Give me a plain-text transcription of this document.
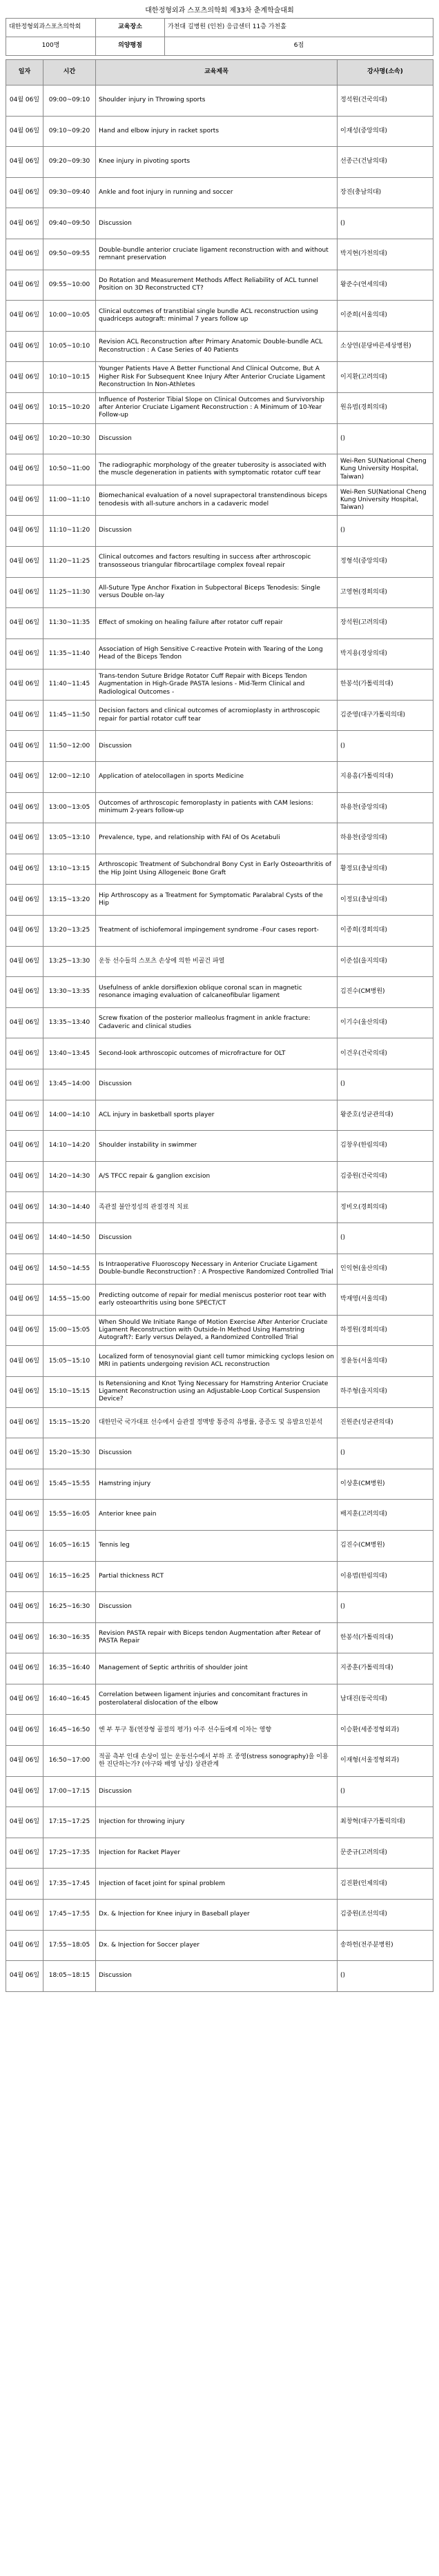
대한정형외과 스포츠의학회 제33차 춘계학술대회
대한정형외과스포츠의학회	교육장소	가천대 길병원 (인천) 응급센터 11층 가천홀
100명	의양평점	6점
일자	시간	교육제목	강사명(소속)
04월 06일	09:00~09:10	Shoulder injury in Throwing sports	정석원(건국의대)
04월 06일	09:10~09:20	Hand and elbow injury in racket sports	이재성(중앙의대)
04월 06일	09:20~09:30	Knee injury in pivoting sports	선종근(건남의대)
04월 06일	09:30~09:40	Ankle and foot injury in running and soccer	장진(충남의대)
04월 06일	09:40~09:50	Discussion	()
04월 06일	09:50~09:55	Double-bundle anterior cruciate ligament reconstruction with and without remnant preservation	박지현(가천의대)
04월 06일	09:55~10:00	Do Rotation and Measurement Methods Affect Reliability of ACL tunnel Position on 3D Reconstructed CT?	왕준수(연세의대)
04월 06일	10:00~10:05	Clinical outcomes of transtibial single bundle ACL reconstruction using quadriceps autograft: minimal 7 years follow up	이준희(서울의대)
04월 06일	10:05~10:10	Revision ACL Reconstruction after Primary Anatomic Double-bundle ACL Reconstruction : A Case Series of 40 Patients	소상연(분당바른세상병원)
04월 06일	10:10~10:15	Younger Patients Have A Better Functional And Clinical Outcome, But A Higher Risk For Subsequent Knee Injury After Anterior Cruciate Ligament Reconstruction In Non-Athletes	이지환(고려의대)
04월 06일	10:15~10:20	Influence of Posterior Tibial Slope on Clinical Outcomes and Survivorship after Anterior Cruciate Ligament Reconstruction : A Minimum of 10-Year Follow-up	원유범(경희의대)
04월 06일	10:20~10:30	Discussion	()
04월 06일	10:50~11:00	The radiographic morphology of the greater tuberosity is associated with the muscle degeneration in patients with symptomatic rotator cuff tear	Wei-Ren SU(National Cheng Kung University Hospital, Taiwan)
04월 06일	11:00~11:10	Biomechanical evaluation of a novel suprapectoral transtendinous biceps tenodesis with all-suture anchors in a cadaveric model	Wei-Ren SU(National Cheng Kung University Hospital, Taiwan)
04월 06일	11:10~11:20	Discussion	()
04월 06일	11:20~11:25	Clinical outcomes and factors resulting in success after arthroscopic transosseous triangular fibrocartilage complex foveal repair	정형석(중앙의대)
04월 06일	11:25~11:30	All-Suture Type Anchor Fixation in Subpectoral Biceps Tenodesis: Single versus Double on-lay	고영현(경희의대)
04월 06일	11:30~11:35	Effect of smoking on healing failure after rotator cuff repair	장석원(고려의대)
04월 06일	11:35~11:40	Association of High Sensitive C-reactive Protein with Tearing of the Long Head of the Biceps Tendon	박지용(경상의대)
04월 06일	11:40~11:45	Trans-tendon Suture Bridge Rotator Cuff Repair with Biceps Tendon Augmentation in High-Grade PASTA lesions - Mid-Term Clinical and Radiological Outcomes -	한봉석(가톨릭의대)
04월 06일	11:45~11:50	Decision factors and clinical outcomes of acromioplasty in arthroscopic repair for partial rotator cuff tear	김준영(대구가톨릭의대)
04월 06일	11:50~12:00	Discussion	()
04월 06일	12:00~12:10	Application of atelocollagen in sports Medicine	지용흠(가톨릭의대)
04월 06일	13:00~13:05	Outcomes of arthroscopic femoroplasty in patients with CAM lesions: minimum 2-years follow-up	하용찬(중앙의대)
04월 06일	13:05~13:10	Prevalence, type, and relationship with FAI of Os Acetabuli	하용찬(중앙의대)
04월 06일	13:10~13:15	Arthroscopic Treatment of Subchondral Bony Cyst in Early Osteoarthritis of the Hip Joint Using Allogeneic Bone Graft	황정묘(충남의대)
04월 06일	13:15~13:20	Hip Arthroscopy as a Treatment for Symptomatic Paralabral Cysts of the Hip	이정묘(충남의대)
04월 06일	13:20~13:25	Treatment of ischiofemoral impingement syndrome -Four cases report-	이종희(경희의대)
04월 06일	13:25~13:30	운동 선수들의 스포츠 손상에 의한 비골건 파열	이준섭(을지의대)
04월 06일	13:30~13:35	Usefulness of ankle dorsiflexion oblique coronal scan in magnetic resonance imaging evaluation of calcaneofibular ligament	김진수(CM병원)
04월 06일	13:35~13:40	Screw fixation of the posterior malleolus fragment in ankle fracture: Cadaveric and clinical studies	이기수(울산의대)
04월 06일	13:40~13:45	Second-look arthroscopic outcomes of microfracture for OLT	이건우(건국의대)
04월 06일	13:45~14:00	Discussion	()
04월 06일	14:00~14:10	ACL injury in basketball sports player	왕준호(성균관의대)
04월 06일	14:10~14:20	Shoulder instability in swimmer	김창우(한림의대)
04월 06일	14:20~14:30	A/S TFCC repair & ganglion excision	김중원(건국의대)
04월 06일	14:30~14:40	족관절 불안정성의 관절경적 치료	정비오(경희의대)
04월 06일	14:40~14:50	Discussion	()
04월 06일	14:50~14:55	Is Intraoperative Fluoroscopy Necessary in Anterior Cruciate Ligament Double-bundle Reconstruction? : A Prospective Randomized Controlled Trial	인익현(울산의대)
04월 06일	14:55~15:00	Predicting outcome of repair for medial meniscus posterior root tear with early osteoarthritis using bone SPECT/CT	박재영(서울의대)
04월 06일	15:00~15:05	When Should We Initiate Range of Motion Exercise After Anterior Cruciate Ligament Reconstruction with Outside-In Method Using Hamstring Autograft?: Early versus Delayed, a Randomized Controlled Trial	하정원(경희의대)
04월 06일	15:05~15:10	Localized form of tenosynovial giant cell tumor mimicking cyclops lesion on MRI in patients undergoing revision ACL reconstruction	정윤동(서울의대)
04월 06일	15:10~15:15	Is Retensioning and Knot Tying Necessary for Hamstring Anterior Cruciate Ligament Reconstruction using an Adjustable-Loop Cortical Suspension Device?	하주형(을지의대)
04월 06일	15:15~15:20	대한민국 국가대표 선수에서 슬관절 정맥방 통증의 유병률, 중증도 및 유발요인분석	진원준(성균관의대)
04월 06일	15:20~15:30	Discussion	()
04월 06일	15:45~15:55	Hamstring injury	이상훈(CM병원)
04월 06일	15:55~16:05	Anterior knee pain	배지훈(고려의대)
04월 06일	16:05~16:15	Tennis leg	김진수(CM병원)
04월 06일	16:15~16:25	Partial thickness RCT	이용범(한림의대)
04월 06일	16:25~16:30	Discussion	()
04월 06일	16:30~16:35	Revision PASTA repair with Biceps tendon Augmentation after Retear of PASTA Repair	한봉석(가톨릭의대)
04월 06일	16:35~16:40	Management of Septic arthritis of shoulder joint	지종훈(가톨릭의대)
04월 06일	16:40~16:45	Correlation between ligament injuries and concomitant fractures in posterolateral dislocation of the elbow	남대진(동국의대)
04월 06일	16:45~16:50	엔 부 투구 통(연장형 골절의 평가) 아주 선수들에게 이차는 영향	이승환(세종정형외과)
04월 06일	16:50~17:00	적골 측부 인대 손상이 있는 운동선수에서 부하 조 종영(stress sonography)을 이용한 진단하는가? (야구와 배영 남성) 상관관계	이재형(서울정형외과)
04월 06일	17:00~17:15	Discussion	()
04월 06일	17:15~17:25	Injection for throwing injury	최창혁(대구가톨릭의대)
04월 06일	17:25~17:35	Injection for Racket Player	문준규(고려의대)
04월 06일	17:35~17:45	Injection of facet joint for spinal problem	김진환(인제의대)
04월 06일	17:45~17:55	Dx. & Injection for Knee injury in Baseball player	김중원(조선의대)
04월 06일	17:55~18:05	Dx. & Injection for Soccer player	송하헌(전주분병원)
04월 06일	18:05~18:15	Discussion	()
